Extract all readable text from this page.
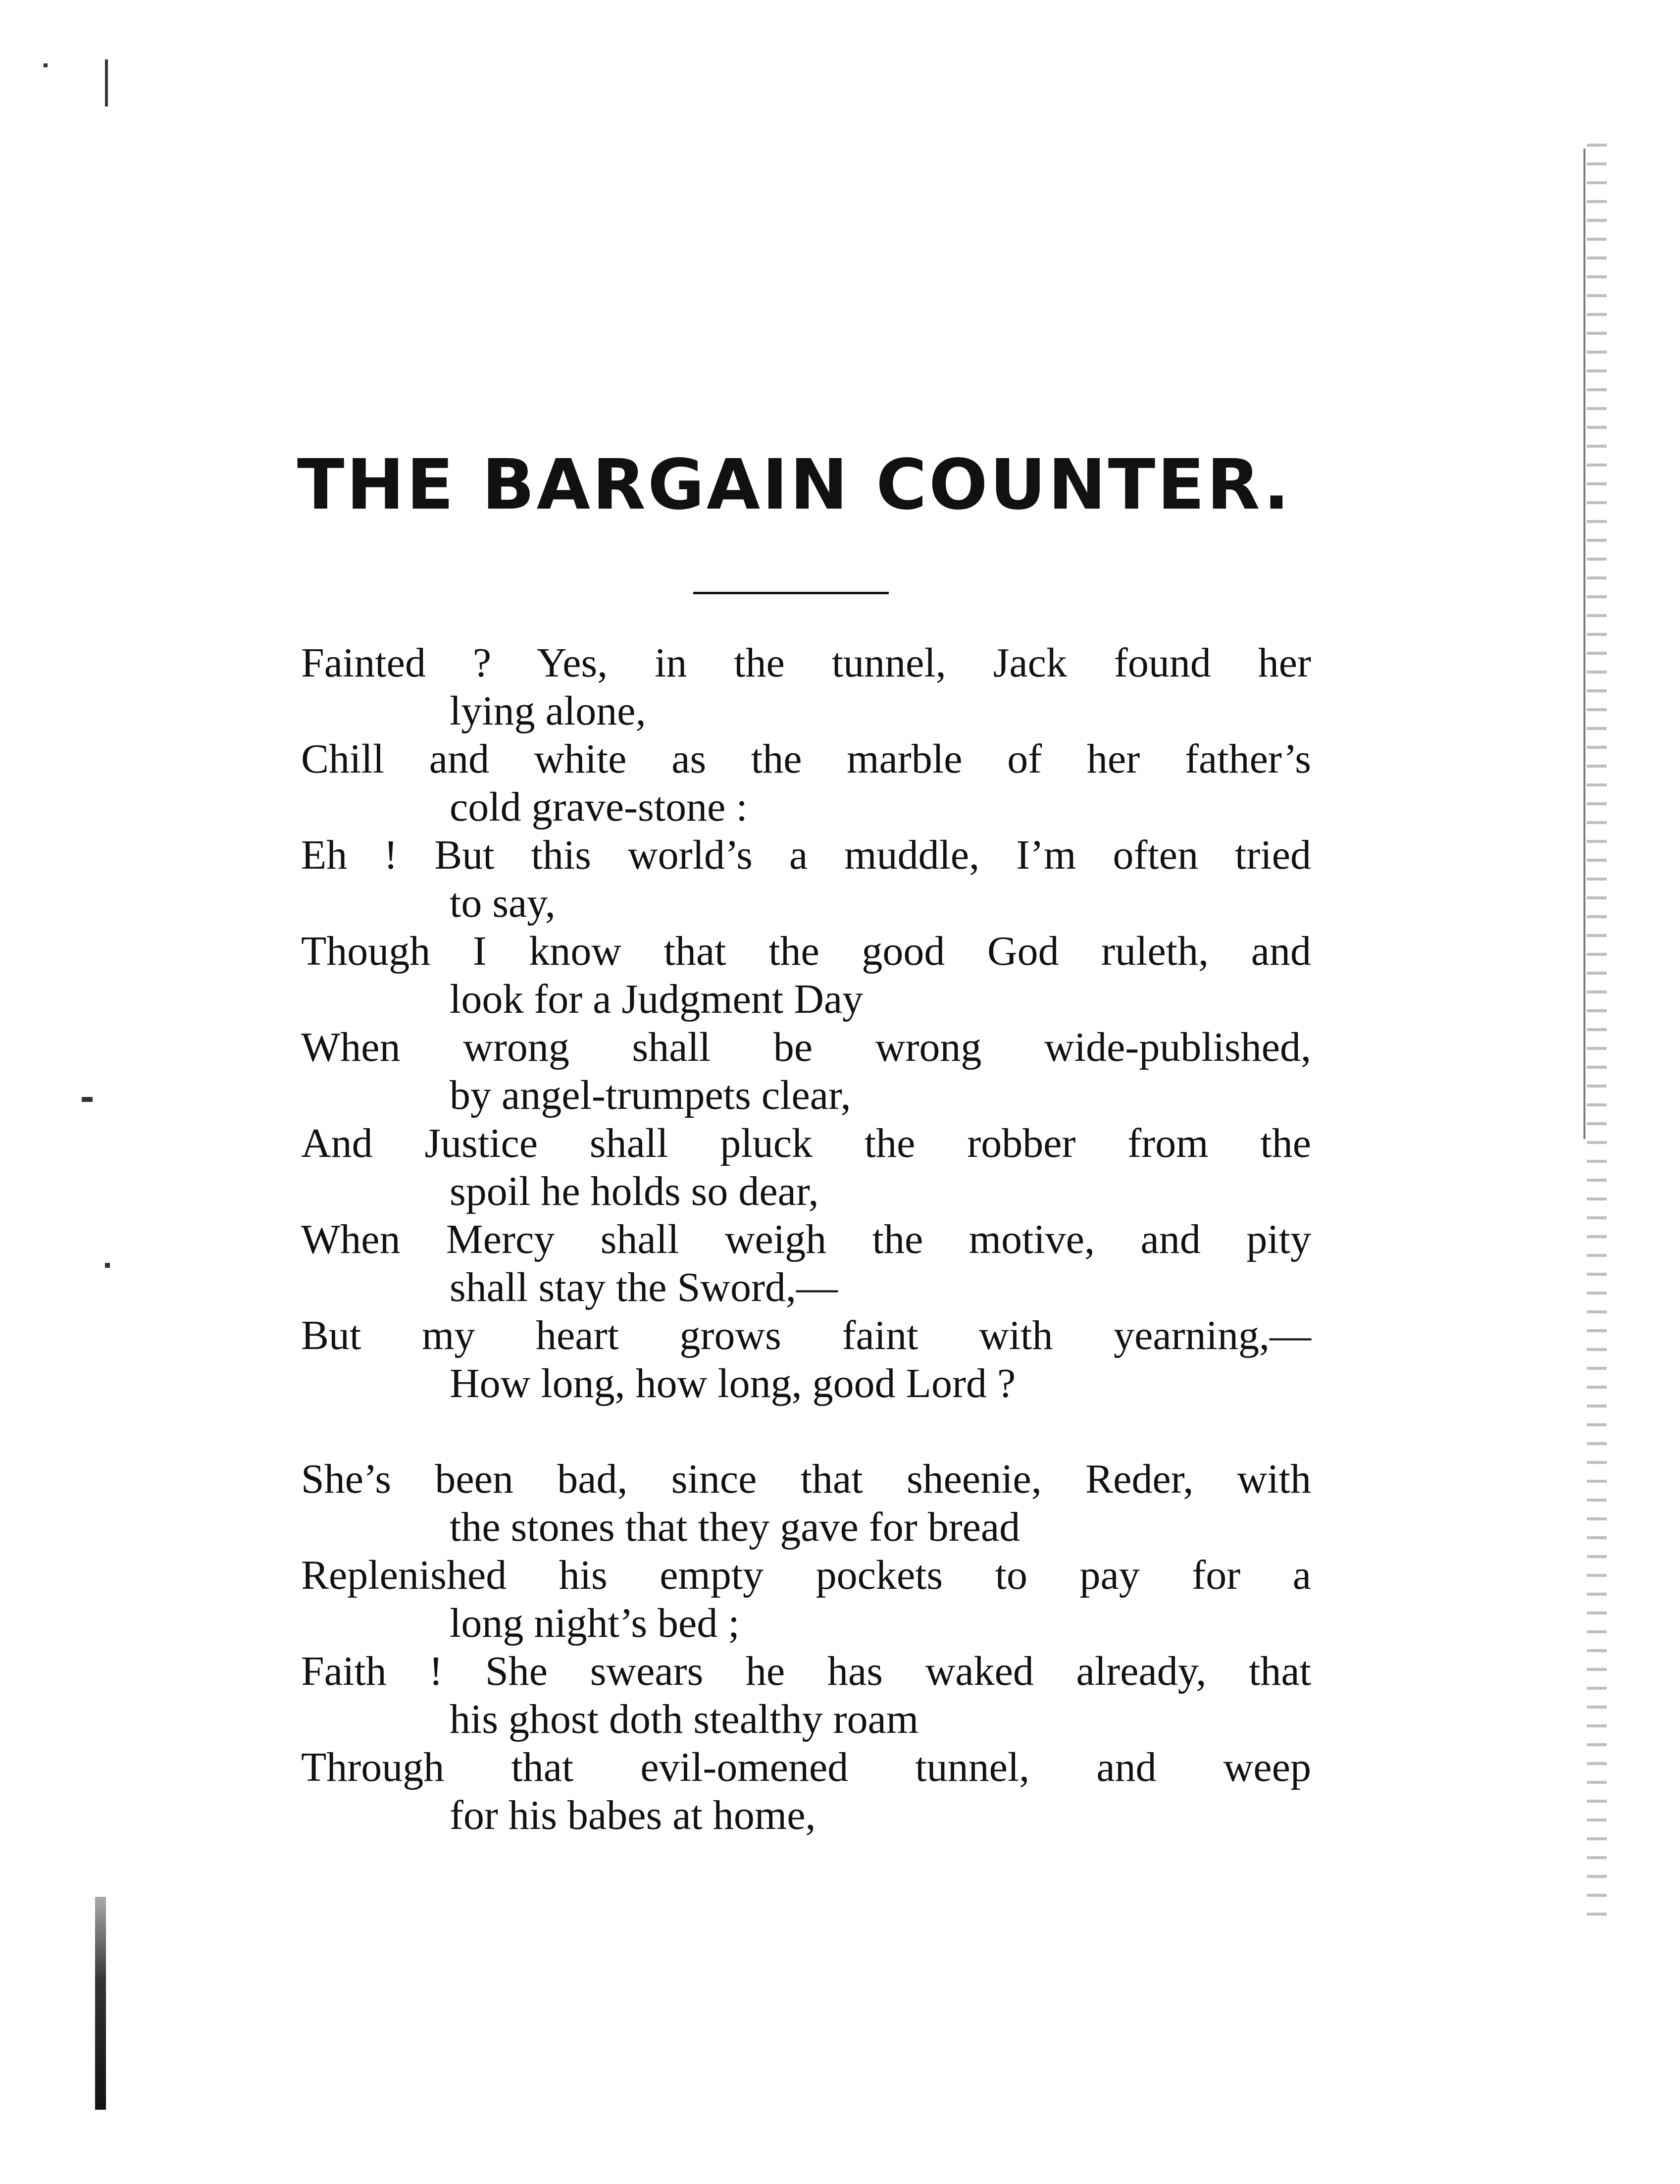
THE BARGAIN COUNTER.
Fainted ? Yes, in the tunnel, Jack found her
lying alone,
Chill and white as the marble of her father’s
cold grave-stone :
Eh ! But this world’s a muddle, I’m often tried
to say,
Though I know that the good God ruleth, and
look for a Judgment Day
When wrong shall be wrong wide-published,
by angel-trumpets clear,
And Justice shall pluck the robber from the
spoil he holds so dear,
When Mercy shall weigh the motive, and pity
shall stay the Sword,—
But my heart grows faint with yearning,—
How long, how long, good Lord ?
She’s been bad, since that sheenie, Reder, with
the stones that they gave for bread
Replenished his empty pockets to pay for a
long night’s bed ;
Faith ! She swears he has waked already, that
his ghost doth stealthy roam
Through that evil-omened tunnel, and weep
for his babes at home,
